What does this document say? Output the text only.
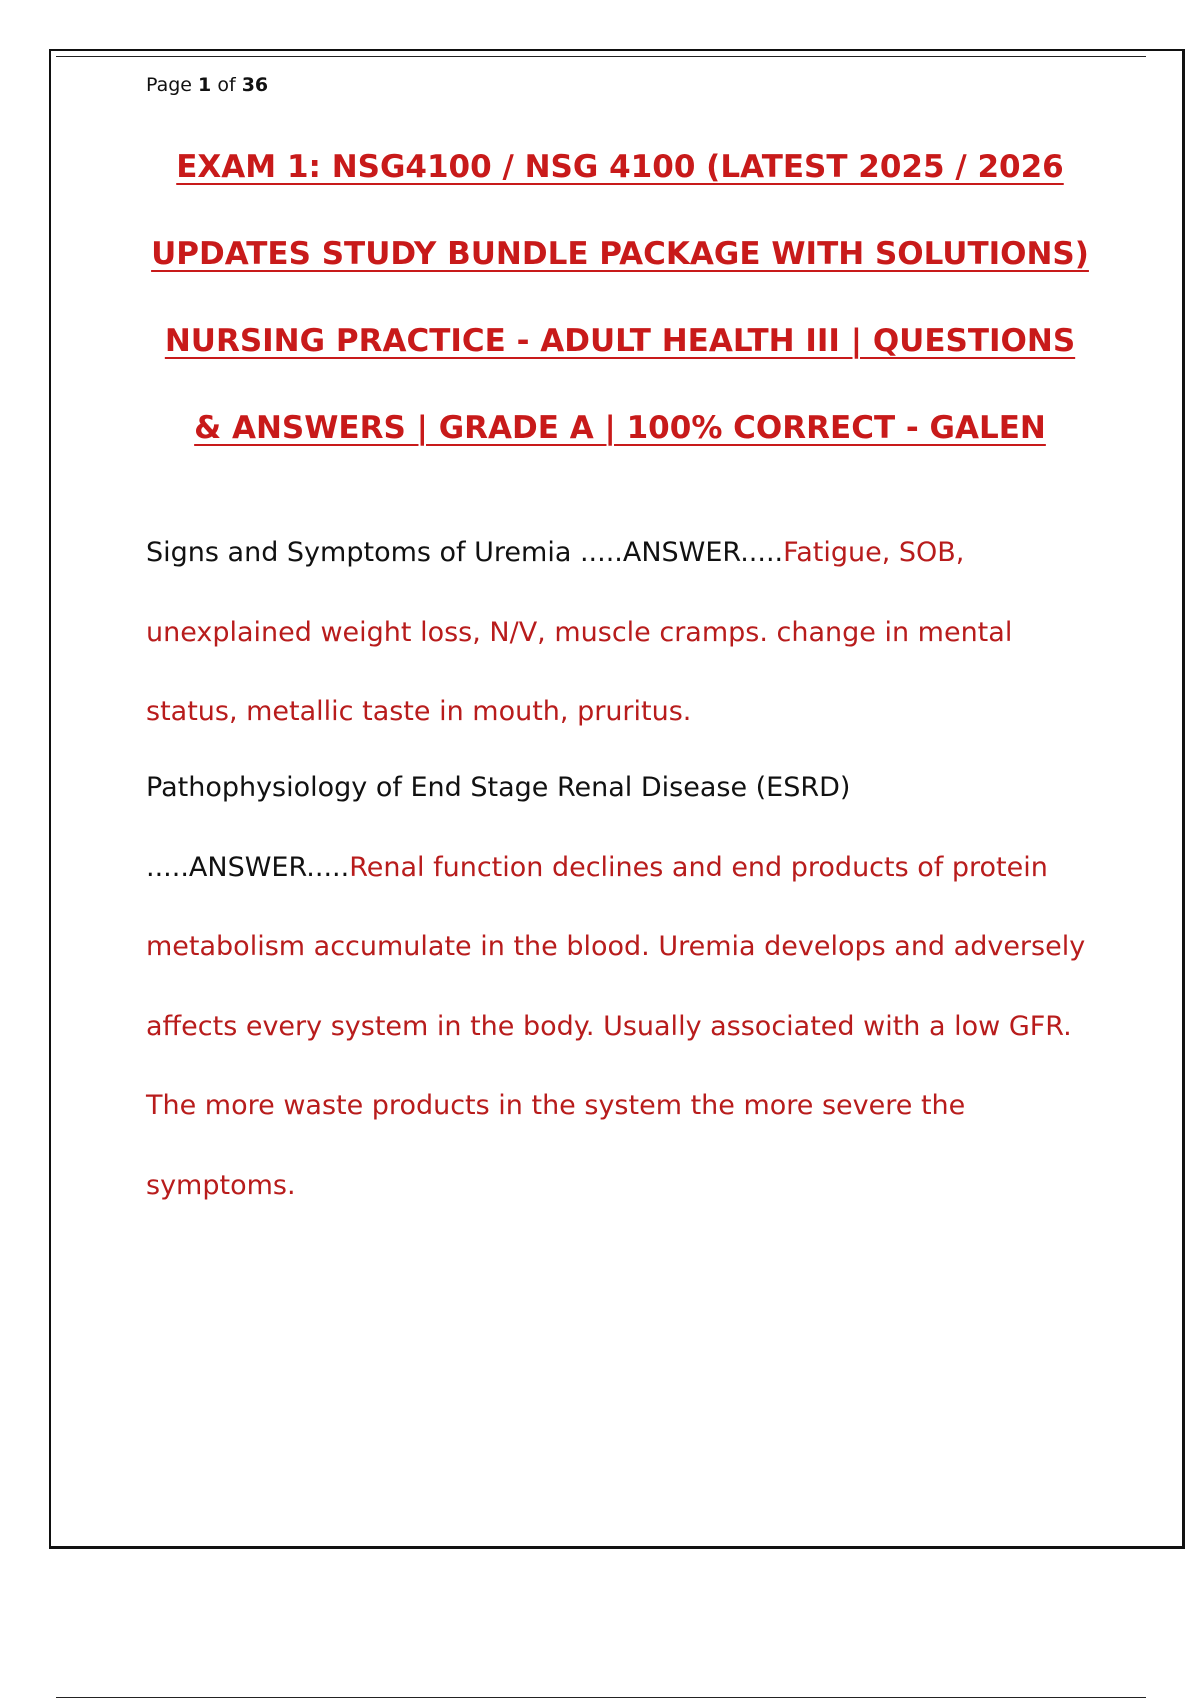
Page 1 of 36
EXAM 1: NSG4100 / NSG 4100 (LATEST 2025 / 2026
UPDATES STUDY BUNDLE PACKAGE WITH SOLUTIONS)
NURSING PRACTICE - ADULT HEALTH III | QUESTIONS
& ANSWERS | GRADE A | 100% CORRECT - GALEN
Signs and Symptoms of Uremia .....ANSWER.....Fatigue, SOB, unexplained weight loss, N/V, muscle cramps. change in mental status, metallic taste in mouth, pruritus.
Pathophysiology of End Stage Renal Disease (ESRD) .....ANSWER.....Renal function declines and end products of protein metabolism accumulate in the blood. Uremia develops and adversely affects every system in the body. Usually associated with a low GFR. The more waste products in the system the more severe the symptoms.
